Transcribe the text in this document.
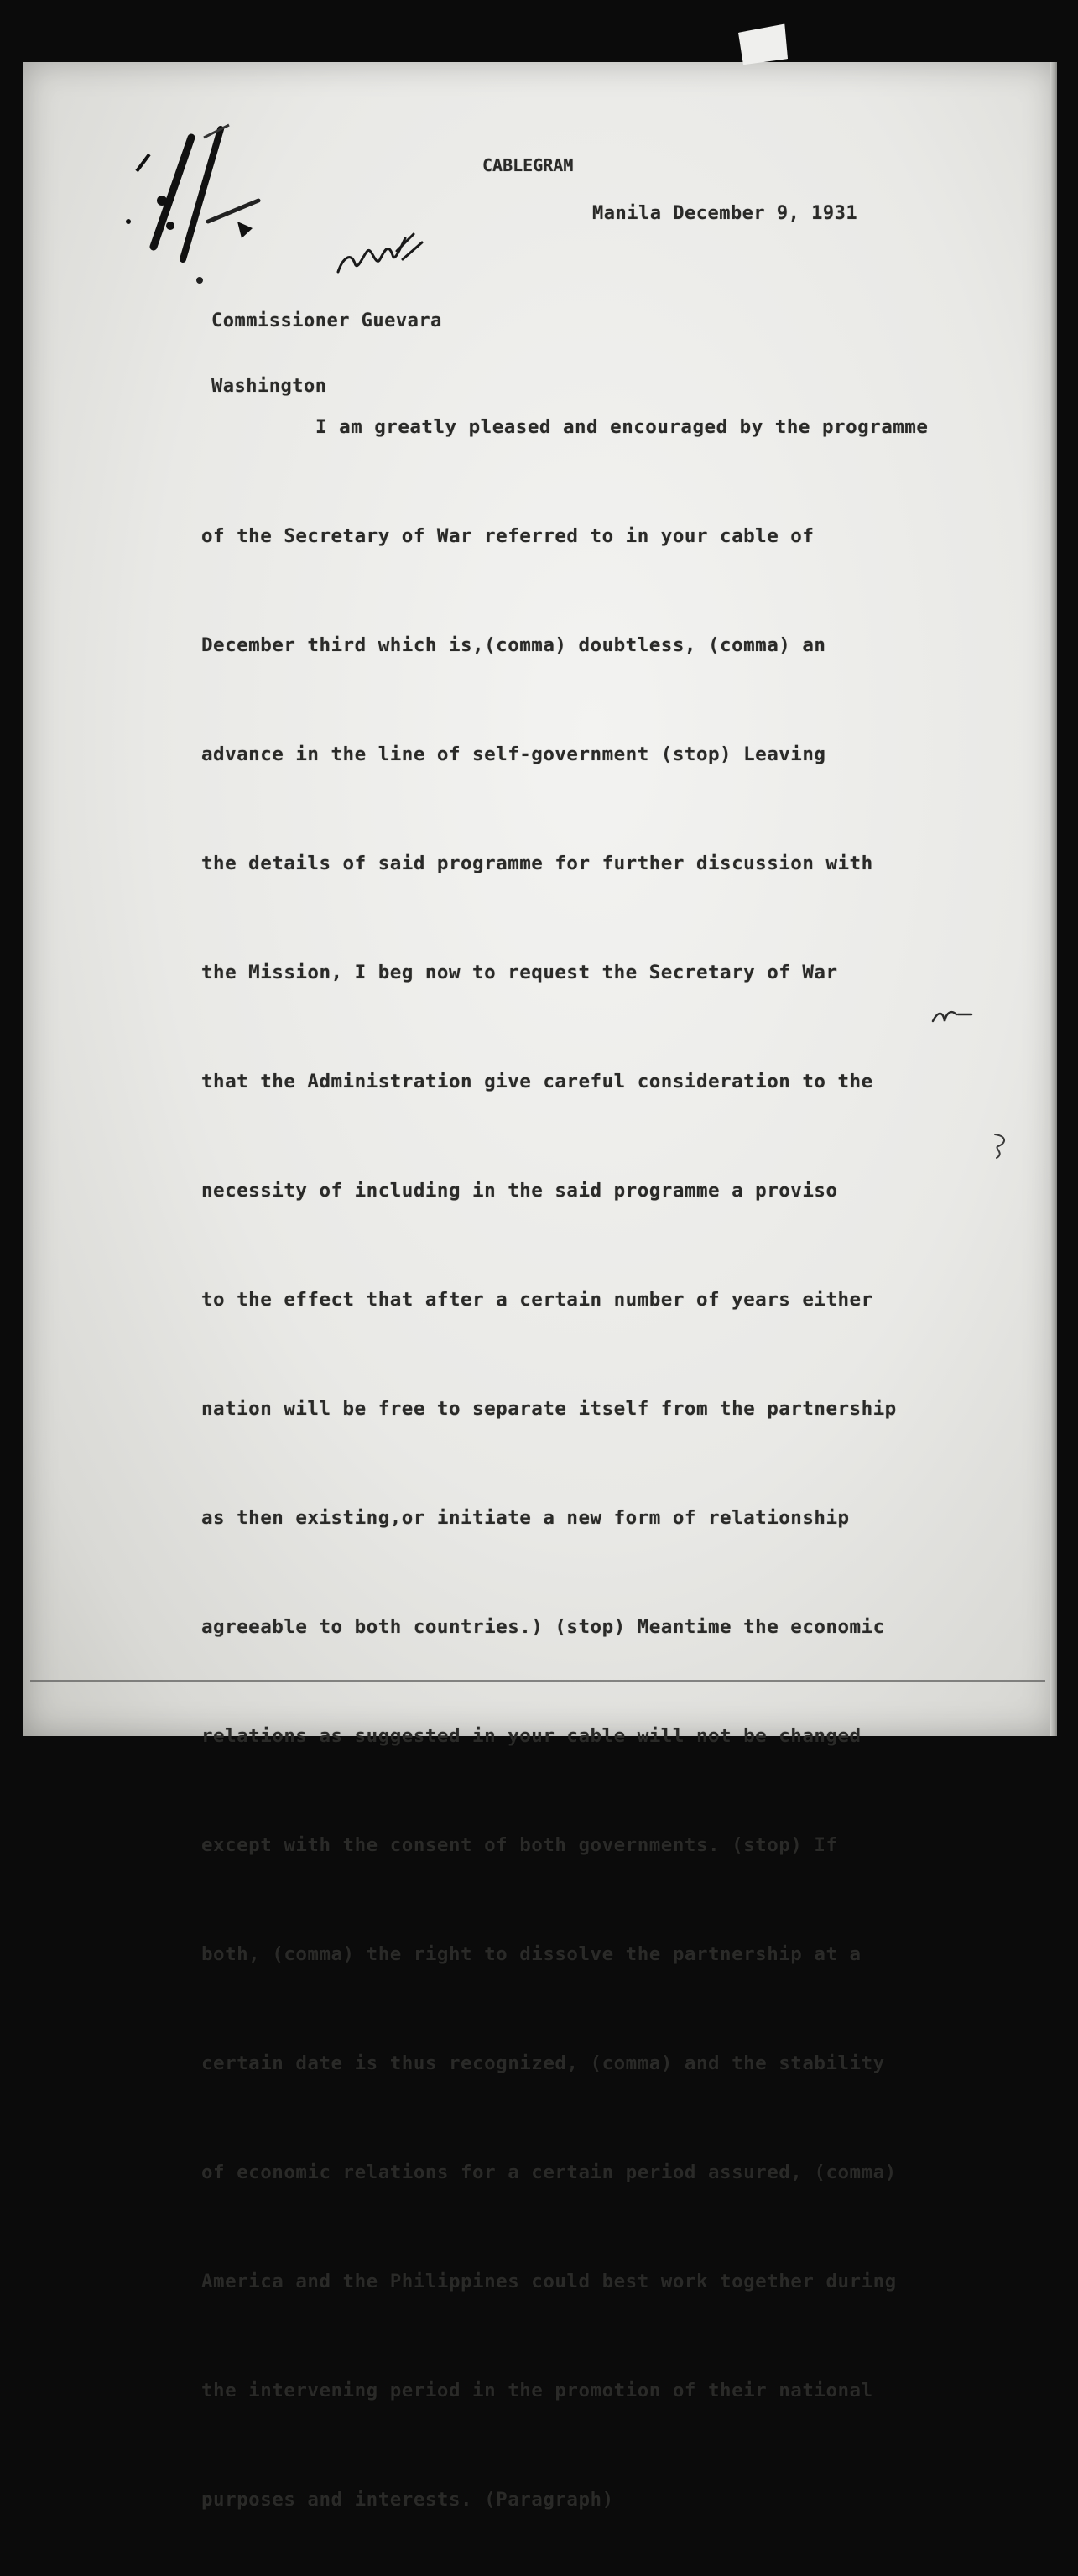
CABLEGRAM
Manila December 9, 1931

Commissioner Guevara

Washington

I am greatly pleased and encouraged by the programme

of the Secretary of War referred to in your cable of

December third which is,(comma) doubtless, (comma) an

advance in the line of self-government (stop) Leaving

the details of said programme for further discussion with

the Mission, I beg now to request the Secretary of War

that the Administration give careful consideration to the

necessity of including in the said programme a proviso

to the effect that after a certain number of years either

nation will be free to separate itself from the partnership

as then existing,or initiate a new form of relationship

agreeable to both countries.) (stop) Meantime the economic

relations as suggested in your cable will not be changed

except with the consent of both governments. (stop) If

both, (comma) the right to dissolve the partnership at a

certain date is thus recognized, (comma) and the stability

of economic relations for a certain period assured, (comma)

America and the Philippines could best work together during

the intervening period in the promotion of their national

purposes and interests. (Paragraph)
